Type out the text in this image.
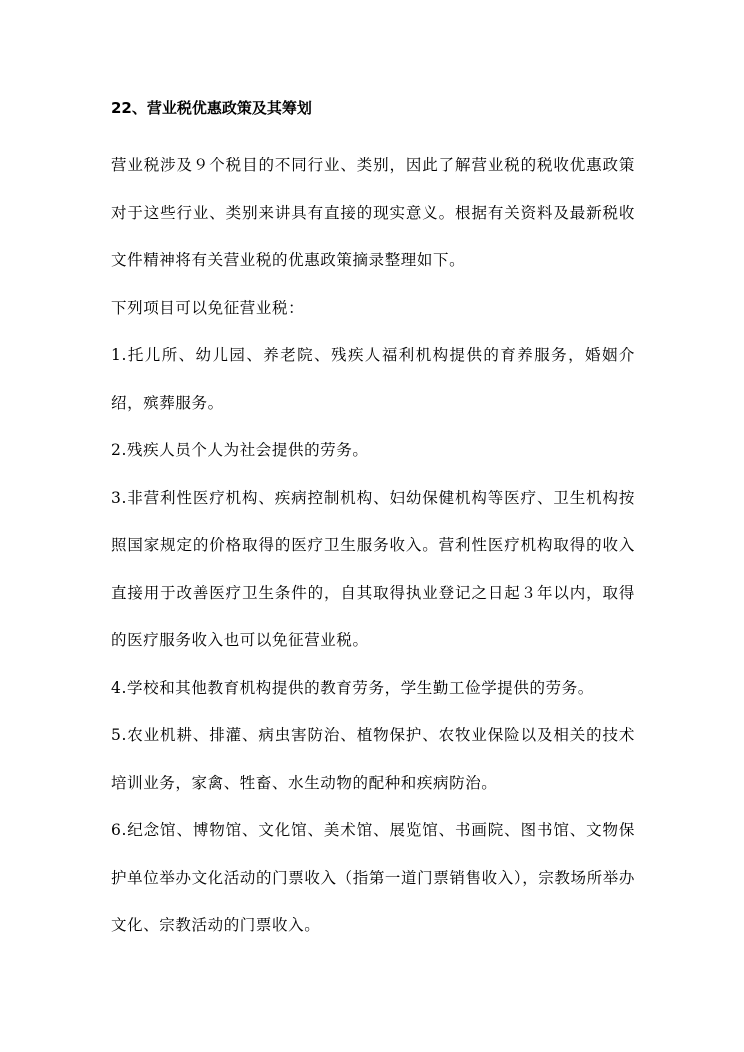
22、营业税优惠政策及其筹划

营业税涉及９个税目的不同行业、类别，因此了解营业税的税收优惠政策对于这些行业、类别来讲具有直接的现实意义。根据有关资料及最新税收文件精神将有关营业税的优惠政策摘录整理如下。

下列项目可以免征营业税：

1.托儿所、幼儿园、养老院、残疾人福利机构提供的育养服务，婚姻介绍，殡葬服务。

2.残疾人员个人为社会提供的劳务。

3.非营利性医疗机构、疾病控制机构、妇幼保健机构等医疗、卫生机构按照国家规定的价格取得的医疗卫生服务收入。营利性医疗机构取得的收入直接用于改善医疗卫生条件的，自其取得执业登记之日起３年以内，取得的医疗服务收入也可以免征营业税。

4.学校和其他教育机构提供的教育劳务，学生勤工俭学提供的劳务。

5.农业机耕、排灌、病虫害防治、植物保护、农牧业保险以及相关的技术培训业务，家禽、牲畜、水生动物的配种和疾病防治。

6.纪念馆、博物馆、文化馆、美术馆、展览馆、书画院、图书馆、文物保护单位举办文化活动的门票收入（指第一道门票销售收入），宗教场所举办文化、宗教活动的门票收入。
